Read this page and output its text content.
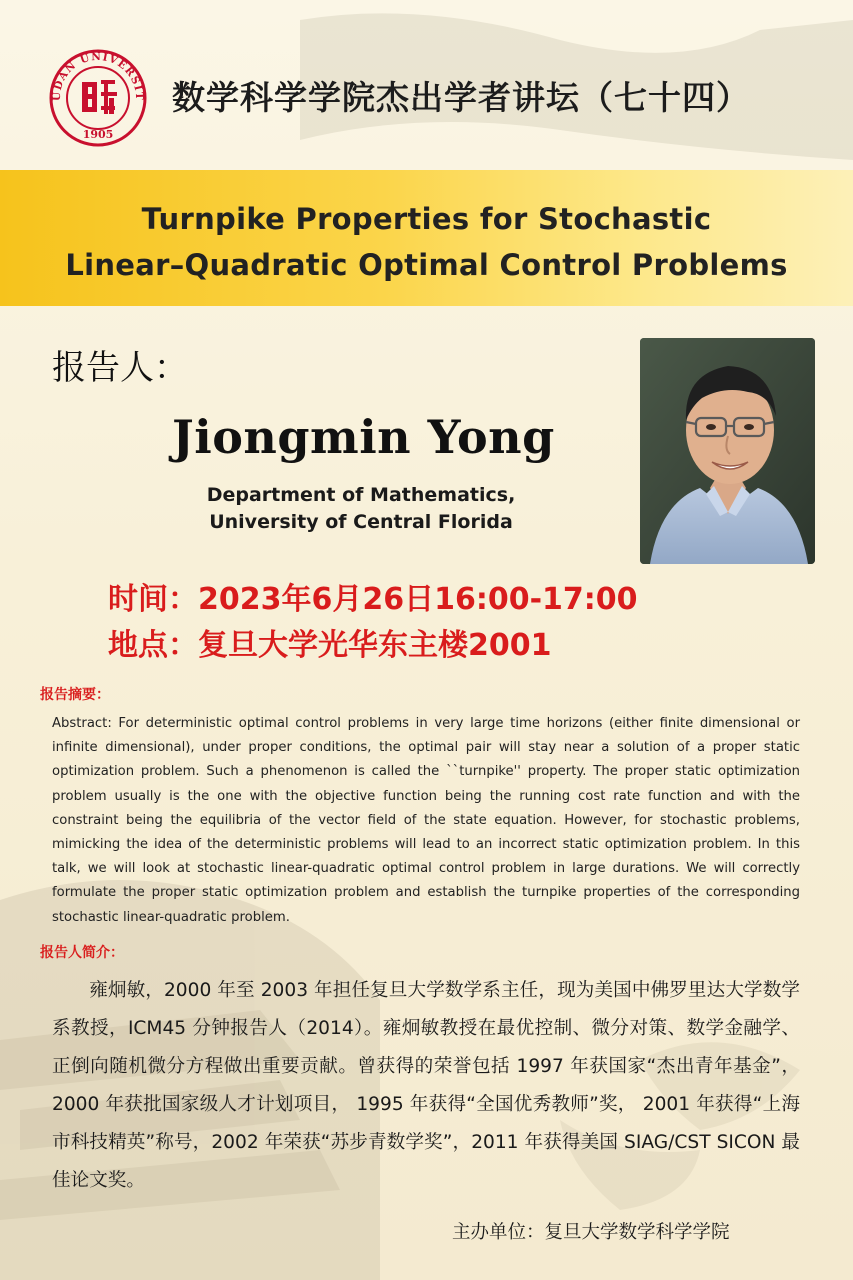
UDAN UNIVERSIT
1905
数学科学学院杰出学者讲坛（七十四）
Turnpike Properties for Stochastic
Linear–Quadratic Optimal Control Problems
报告人：
Jiongmin Yong
Department of Mathematics,
University of Central Florida
时间：2023年6月26日16:00-17:00
地点：复旦大学光华东主楼2001
报告摘要：
Abstract: For deterministic optimal control problems in very large time horizons (either finite dimensional or infinite dimensional), under proper conditions, the optimal pair will stay near a solution of a proper static optimization problem. Such a phenomenon is called the ``turnpike'' property. The proper static optimization problem usually is the one with the objective function being the running cost rate function and with the constraint being the equilibria of the vector field of the state equation. However, for stochastic problems, mimicking the idea of the deterministic problems will lead to an incorrect static optimization problem. In this talk, we will look at stochastic linear-quadratic optimal control problem in large durations. We will correctly formulate the proper static optimization problem and establish the turnpike properties of the corresponding stochastic linear-quadratic problem.
报告人简介：
雍炯敏，2000 年至 2003 年担任复旦大学数学系主任，现为美国中佛罗里达大学数学系教授，ICM45 分钟报告人（2014）。雍炯敏教授在最优控制、微分对策、数学金融学、正倒向随机微分方程做出重要贡献。曾获得的荣誉包括 1997 年获国家“杰出青年基金”，2000 年获批国家级人才计划项目， 1995 年获得“全国优秀教师”奖， 2001 年获得“上海市科技精英”称号，2002 年荣获“苏步青数学奖”，2011 年获得美国 SIAG/CST SICON 最佳论文奖。
主办单位：复旦大学数学科学学院
